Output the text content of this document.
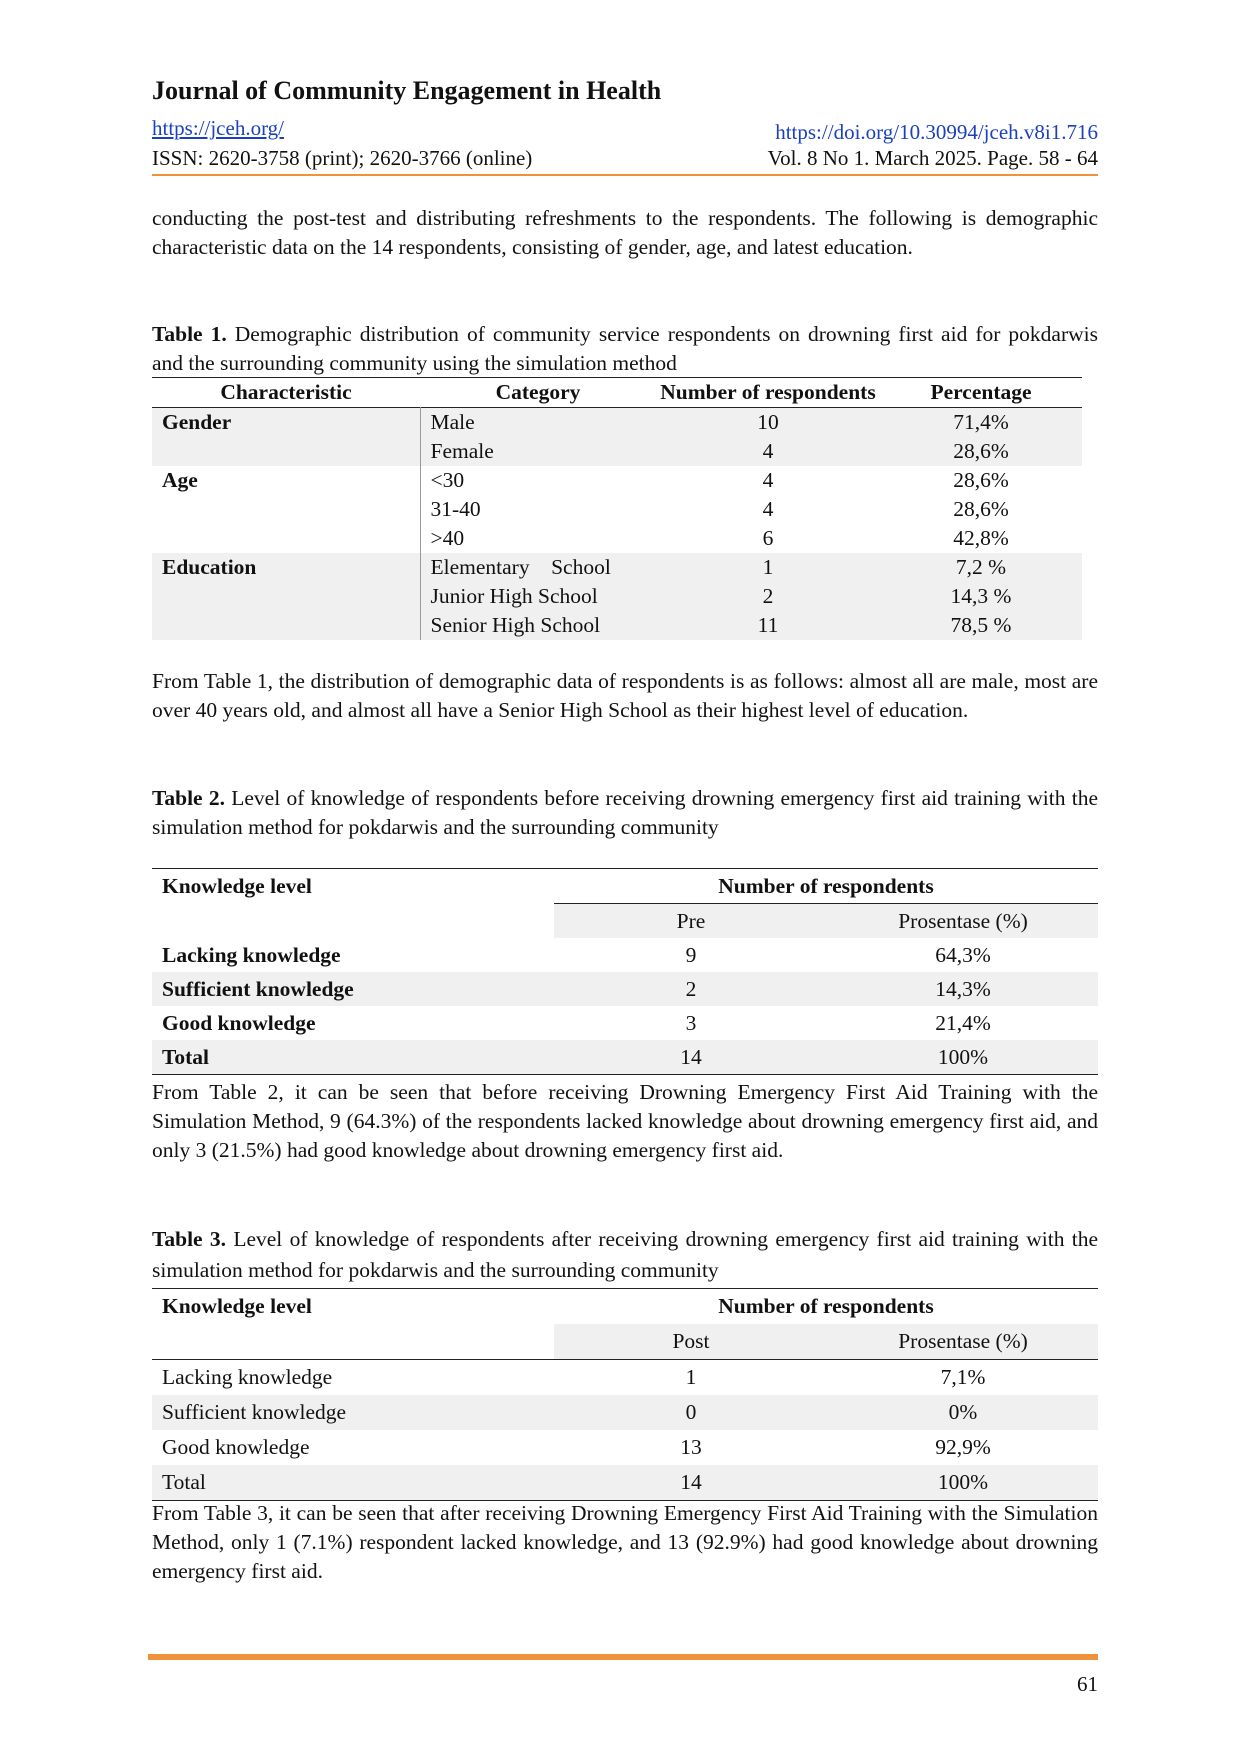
Journal of Community Engagement in Health
https://jceh.org/	https://doi.org/10.30994/jceh.v8i1.716
ISSN: 2620-3758 (print); 2620-3766 (online)	Vol. 8 No 1. March 2025. Page. 58 - 64

conducting the post-test and distributing refreshments to the respondents. The following is demographic characteristic data on the 14 respondents, consisting of gender, age, and latest education.

Table 1. Demographic distribution of community service respondents on drowning first aid for pokdarwis and the surrounding community using the simulation method

Characteristic	Category	Number of respondents	Percentage
Gender	Male	10	71,4%
	Female	4	28,6%
Age	<30	4	28,6%
	31-40	4	28,6%
	>40	6	42,8%
Education	Elementary    School	1	7,2 %
	Junior High School	2	14,3 %
	Senior High School	11	78,5 %

From Table 1, the distribution of demographic data of respondents is as follows: almost all are male, most are over 40 years old, and almost all have a Senior High School as their highest level of education.

Table 2. Level of knowledge of respondents before receiving drowning emergency first aid training with the simulation method for pokdarwis and the surrounding community

Knowledge level	Number of respondents	
	Pre	Prosentase (%)
Lacking knowledge	9	64,3%
Sufficient knowledge	2	14,3%
Good knowledge	3	21,4%
Total	14	100%

From Table 2, it can be seen that before receiving Drowning Emergency First Aid Training with the Simulation Method, 9 (64.3%) of the respondents lacked knowledge about drowning emergency first aid, and only 3 (21.5%) had good knowledge about drowning emergency first aid.

Table 3. Level of knowledge of respondents after receiving drowning emergency first aid training with the simulation method for pokdarwis and the surrounding community

Knowledge level	Number of respondents	
	Post	Prosentase (%)
Lacking knowledge	1	7,1%
Sufficient knowledge	0	0%
Good knowledge	13	92,9%
Total	14	100%

From Table 3, it can be seen that after receiving Drowning Emergency First Aid Training with the Simulation Method, only 1 (7.1%) respondent lacked knowledge, and 13 (92.9%) had good knowledge about drowning emergency first aid.

61
